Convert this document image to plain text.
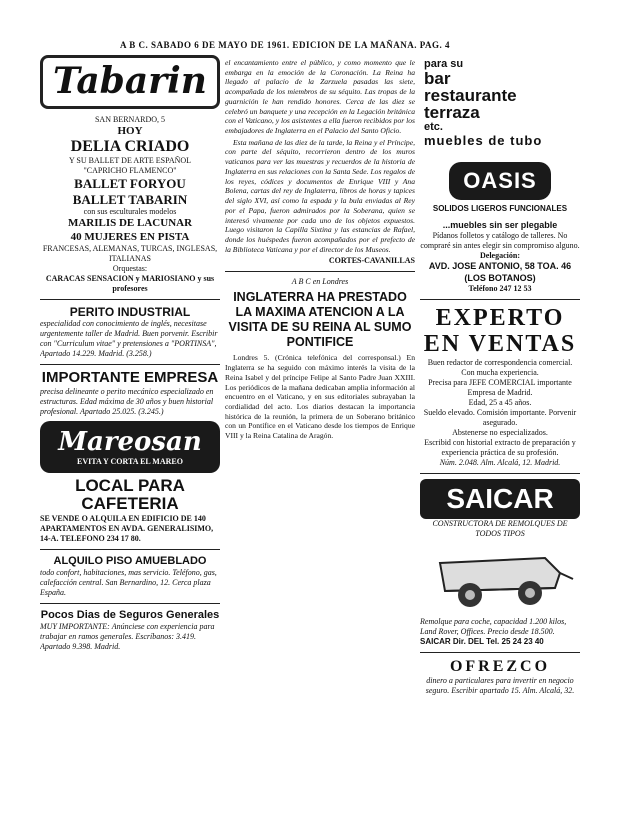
A B C. SABADO 6 DE MAYO DE 1961. EDICION DE LA MAÑANA. PAG. 4
Tabarin
SAN BERNARDO, 5
HOY
DELIA CRIADO
Y SU BALLET DE ARTE ESPAÑOL
"CAPRICHO FLAMENCO"
BALLET FORYOU
BALLET TABARIN
con sus esculturales modelos
MARILIS DE LACUNAR
40 MUJERES EN PISTA
FRANCESAS, ALEMANAS, TURCAS, INGLESAS, ITALIANAS
Orquestas:
CARACAS SENSACION y MARIOSIANO y sus profesores
PERITO INDUSTRIAL
especialidad con conocimiento de inglés, necesitase urgentemente taller de Madrid. Buen porvenir. Escribir con "Curriculum vitae" y pretensiones a "PORTINSA", Apartado 14.229. Madrid. (3.258.)
IMPORTANTE EMPRESA
precisa delineante o perito mecánico especializado en estructuras. Edad máxima de 30 años y buen historial profesional. Apartado 25.025. (3.245.)
Mareosan
EVITA Y CORTA EL MAREO
LOCAL PARA CAFETERIA
SE VENDE O ALQUILA EN EDIFICIO DE 140 APARTAMENTOS EN AVDA. GENERALISIMO, 14-A. TELEFONO 234 17 80.
ALQUILO PISO AMUEBLADO
todo confort, habitaciones, mas servicio. Teléfono, gas, calefacción central. San Bernardino, 12. Cerca plaza España.
Pocos Dias de Seguros Generales
MUY IMPORTANTE: Anúnciese con experiencia para trabajar en ramos generales. Escríbanos: 3.419. Apartado 9.398. Madrid.
el encantamiento entre el público, y como momento que le embarga en la emoción de la Coronación. La Reina ha llegado al palacio de la Zarzuela pasadas las siete, acompañada de los miembros de su séquito. Las tropas de la guarnición le han rendido honores. Cerca de las diez se celebró un banquete y una recepción en la Legación británica con el Vaticano, y los asistentes a ella fueron recibidos por los embajadores de Inglaterra en el Palacio del Santo Oficio.
Esta mañana de las diez de la tarde, la Reina y el Príncipe, con parte del séquito, recorrieron dentro de los muros vaticanos para ver las muestras y recuerdos de la historia de Inglaterra en sus relaciones con la Santa Sede. Los regalos de los reyes, códices y documentos de Enrique VIII y Ana Bolena, cartas del rey de Inglaterra, libros de horas y tapices del siglo XVI, así como la espada y la bula enviadas al Rey por el Papa, fueron admirados por la Soberana, quien se interesó vivamente por cada uno de los objetos expuestos. Luego visitaron la Capilla Sixtina y las estancias de Rafael, donde los huéspedes fueron acompañados por el prefecto de la Biblioteca Vaticana y por el director de los Museos.
CORTES-CAVANILLAS
A B C en Londres
INGLATERRA HA PRESTADO LA MAXIMA ATENCION A LA VISITA DE SU REINA AL SUMO PONTIFICE
Londres 5. (Crónica telefónica del corresponsal.) En Inglaterra se ha seguido con máximo interés la visita de la Reina Isabel y del príncipe Felipe al Santo Padre Juan XXIII. Los periódicos de la mañana dedicaban amplia información al encuentro en el Vaticano, y en sus editoriales subrayaban la cordialidad del acto. Los diarios destacan la importancia histórica de la reunión, la primera de un Soberano británico con un Pontífice en el Vaticano desde los tiempos de Enrique VIII y la Reina Catalina de Aragón.
para su
bar
restaurante
terraza
etc.
muebles de tubo
OASIS
SOLIDOS LIGEROS FUNCIONALES
...muebles sin ser plegable
Pídanos folletos y catálogo de talleres. No compraré sin antes elegir sin compromiso alguno.
Delegación:
AVD. JOSE ANTONIO, 58 TOA. 46 (LOS BOTANOS)
Teléfono 247 12 53
EXPERTO
EN VENTAS
Buen redactor de correspondencia comercial.
Con mucha experiencia.
Precisa para JEFE COMERCIAL importante Empresa de Madrid.
Edad, 25 a 45 años.
Sueldo elevado. Comisión importante. Porvenir asegurado.
Abstenerse no especializados.
Escribid con historial extracto de preparación y experiencia práctica de su profesión.
Núm. 2.048. Alm. Alcalá, 12. Madrid.
SAICAR
CONSTRUCTORA DE REMOLQUES DE TODOS TIPOS
Remolque para coche, capacidad 1.200 kilos, Land Rover, Offices. Precio desde 18.500.
SAICAR Dir. DEL Tel. 25 24 23 40
OFREZCO
dinero a particulares para invertir en negocio seguro. Escribir apartado 15. Alm. Alcalá, 32.
